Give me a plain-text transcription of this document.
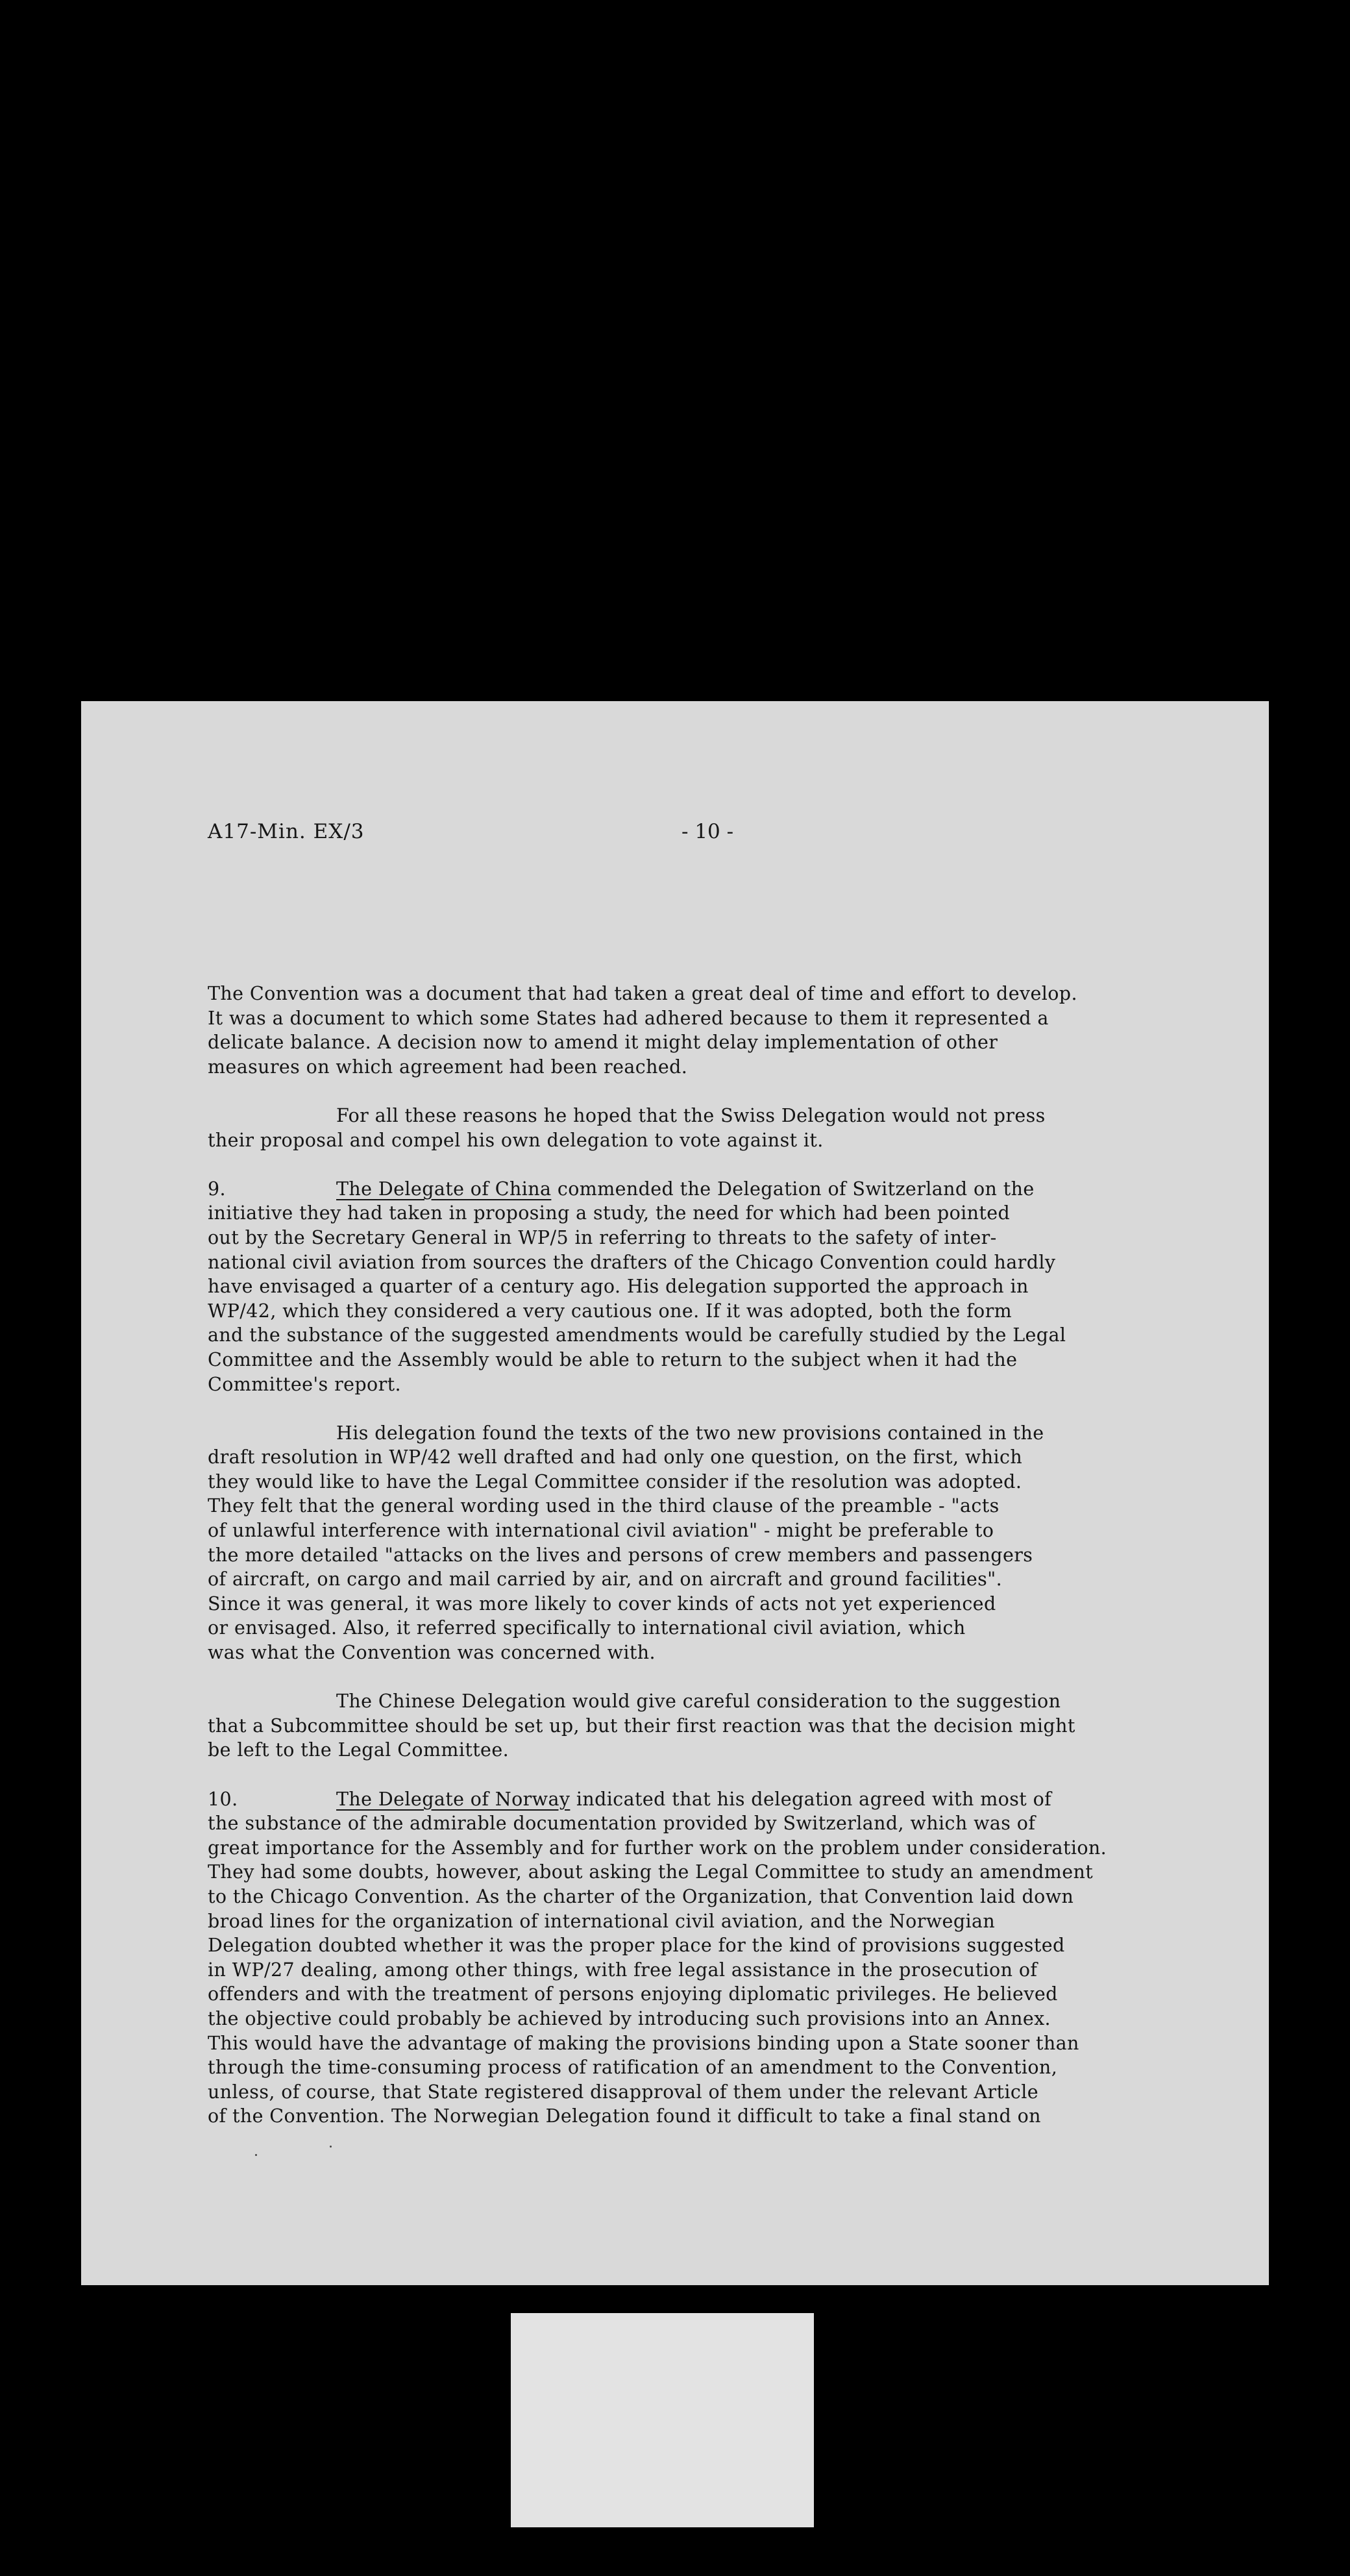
A17-Min. EX/3	- 10 -
The Convention was a document that had taken a great deal of time and effort to develop.
It was a document to which some States had adhered because to them it represented a
delicate balance. A decision now to amend it might delay implementation of other
measures on which agreement had been reached.
For all these reasons he hoped that the Swiss Delegation would not press
their proposal and compel his own delegation to vote against it.
9.	The Delegate of China commended the Delegation of Switzerland on the
initiative they had taken in proposing a study, the need for which had been pointed
out by the Secretary General in WP/5 in referring to threats to the safety of inter-
national civil aviation from sources the drafters of the Chicago Convention could hardly
have envisaged a quarter of a century ago. His delegation supported the approach in
WP/42, which they considered a very cautious one. If it was adopted, both the form
and the substance of the suggested amendments would be carefully studied by the Legal
Committee and the Assembly would be able to return to the subject when it had the
Committee's report.
His delegation found the texts of the two new provisions contained in the
draft resolution in WP/42 well drafted and had only one question, on the first, which
they would like to have the Legal Committee consider if the resolution was adopted.
They felt that the general wording used in the third clause of the preamble - "acts
of unlawful interference with international civil aviation" - might be preferable to
the more detailed "attacks on the lives and persons of crew members and passengers
of aircraft, on cargo and mail carried by air, and on aircraft and ground facilities".
Since it was general, it was more likely to cover kinds of acts not yet experienced
or envisaged. Also, it referred specifically to international civil aviation, which
was what the Convention was concerned with.
The Chinese Delegation would give careful consideration to the suggestion
that a Subcommittee should be set up, but their first reaction was that the decision might
be left to the Legal Committee.
10.	The Delegate of Norway indicated that his delegation agreed with most of
the substance of the admirable documentation provided by Switzerland, which was of
great importance for the Assembly and for further work on the problem under consideration.
They had some doubts, however, about asking the Legal Committee to study an amendment
to the Chicago Convention. As the charter of the Organization, that Convention laid down
broad lines for the organization of international civil aviation, and the Norwegian
Delegation doubted whether it was the proper place for the kind of provisions suggested
in WP/27 dealing, among other things, with free legal assistance in the prosecution of
offenders and with the treatment of persons enjoying diplomatic privileges. He believed
the objective could probably be achieved by introducing such provisions into an Annex.
This would have the advantage of making the provisions binding upon a State sooner than
through the time-consuming process of ratification of an amendment to the Convention,
unless, of course, that State registered disapproval of them under the relevant Article
of the Convention. The Norwegian Delegation found it difficult to take a final stand on
